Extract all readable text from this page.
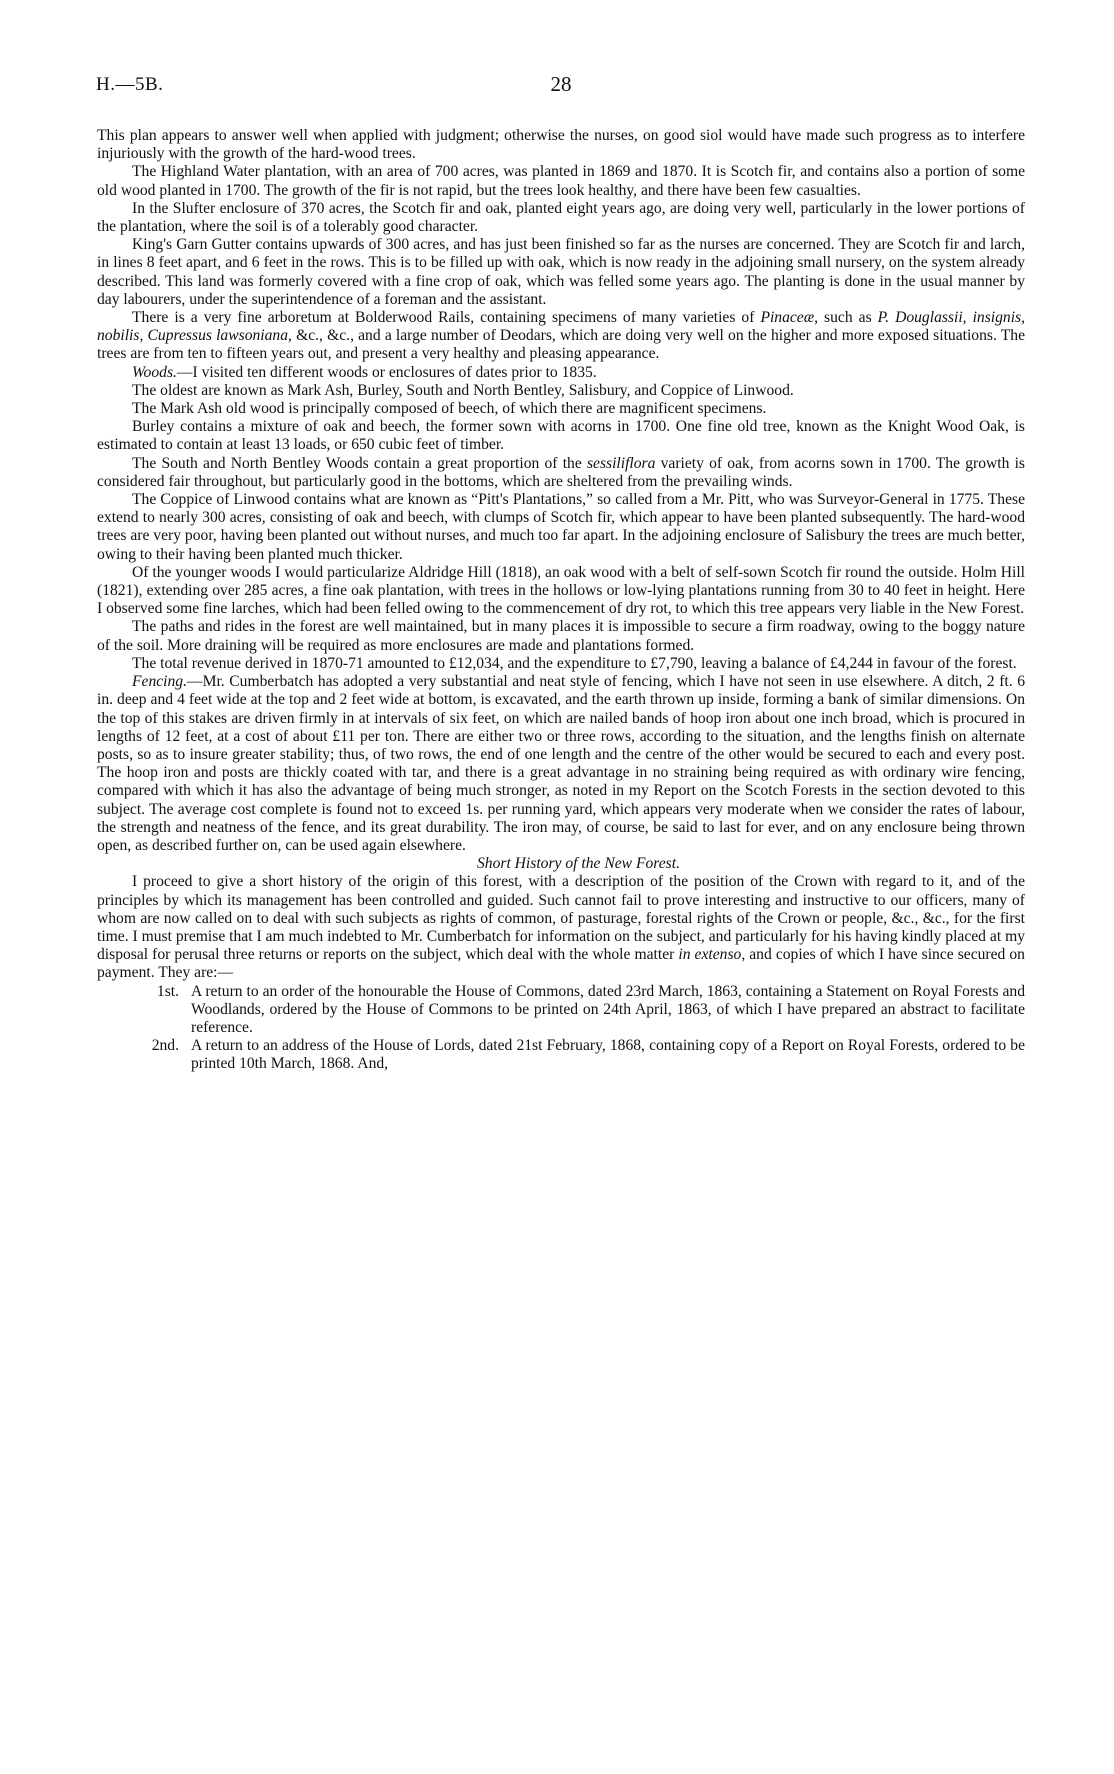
H.—5B.	28

This plan appears to answer well when applied with judgment; otherwise the nurses, on good siol would have made such progress as to interfere injuriously with the growth of the hard-wood trees.

The Highland Water plantation, with an area of 700 acres, was planted in 1869 and 1870. It is Scotch fir, and contains also a portion of some old wood planted in 1700. The growth of the fir is not rapid, but the trees look healthy, and there have been few casualties.

In the Slufter enclosure of 370 acres, the Scotch fir and oak, planted eight years ago, are doing very well, particularly in the lower portions of the plantation, where the soil is of a tolerably good character.

King's Garn Gutter contains upwards of 300 acres, and has just been finished so far as the nurses are concerned. They are Scotch fir and larch, in lines 8 feet apart, and 6 feet in the rows. This is to be filled up with oak, which is now ready in the adjoining small nursery, on the system already described. This land was formerly covered with a fine crop of oak, which was felled some years ago. The planting is done in the usual manner by day labourers, under the superintendence of a foreman and the assistant.

There is a very fine arboretum at Bolderwood Rails, containing specimens of many varieties of Pinaceæ, such as P. Douglassii, insignis, nobilis, Cupressus lawsoniana, &c., &c., and a large number of Deodars, which are doing very well on the higher and more exposed situations. The trees are from ten to fifteen years out, and present a very healthy and pleasing appearance.

Woods.—I visited ten different woods or enclosures of dates prior to 1835.

The oldest are known as Mark Ash, Burley, South and North Bentley, Salisbury, and Coppice of Linwood.

The Mark Ash old wood is principally composed of beech, of which there are magnificent specimens.

Burley contains a mixture of oak and beech, the former sown with acorns in 1700. One fine old tree, known as the Knight Wood Oak, is estimated to contain at least 13 loads, or 650 cubic feet of timber.

The South and North Bentley Woods contain a great proportion of the sessiliflora variety of oak, from acorns sown in 1700. The growth is considered fair throughout, but particularly good in the bottoms, which are sheltered from the prevailing winds.

The Coppice of Linwood contains what are known as “Pitt's Plantations,” so called from a Mr. Pitt, who was Surveyor-General in 1775. These extend to nearly 300 acres, consisting of oak and beech, with clumps of Scotch fir, which appear to have been planted subsequently. The hard-wood trees are very poor, having been planted out without nurses, and much too far apart. In the adjoining enclosure of Salisbury the trees are much better, owing to their having been planted much thicker.

Of the younger woods I would particularize Aldridge Hill (1818), an oak wood with a belt of self-sown Scotch fir round the outside. Holm Hill (1821), extending over 285 acres, a fine oak plantation, with trees in the hollows or low-lying plantations running from 30 to 40 feet in height. Here I observed some fine larches, which had been felled owing to the commencement of dry rot, to which this tree appears very liable in the New Forest.

The paths and rides in the forest are well maintained, but in many places it is impossible to secure a firm roadway, owing to the boggy nature of the soil. More draining will be required as more enclosures are made and plantations formed.

The total revenue derived in 1870-71 amounted to £12,034, and the expenditure to £7,790, leaving a balance of £4,244 in favour of the forest.

Fencing.—Mr. Cumberbatch has adopted a very substantial and neat style of fencing, which I have not seen in use elsewhere. A ditch, 2 ft. 6 in. deep and 4 feet wide at the top and 2 feet wide at bottom, is excavated, and the earth thrown up inside, forming a bank of similar dimensions. On the top of this stakes are driven firmly in at intervals of six feet, on which are nailed bands of hoop iron about one inch broad, which is procured in lengths of 12 feet, at a cost of about £11 per ton. There are either two or three rows, according to the situation, and the lengths finish on alternate posts, so as to insure greater stability; thus, of two rows, the end of one length and the centre of the other would be secured to each and every post. The hoop iron and posts are thickly coated with tar, and there is a great advantage in no straining being required as with ordinary wire fencing, compared with which it has also the advantage of being much stronger, as noted in my Report on the Scotch Forests in the section devoted to this subject. The average cost complete is found not to exceed 1s. per running yard, which appears very moderate when we consider the rates of labour, the strength and neatness of the fence, and its great durability. The iron may, of course, be said to last for ever, and on any enclosure being thrown open, as described further on, can be used again elsewhere.

Short History of the New Forest.

I proceed to give a short history of the origin of this forest, with a description of the position of the Crown with regard to it, and of the principles by which its management has been controlled and guided. Such cannot fail to prove interesting and instructive to our officers, many of whom are now called on to deal with such subjects as rights of common, of pasturage, forestal rights of the Crown or people, &c., &c., for the first time. I must premise that I am much indebted to Mr. Cumberbatch for information on the subject, and particularly for his having kindly placed at my disposal for perusal three returns or reports on the subject, which deal with the whole matter in extenso, and copies of which I have since secured on payment. They are:—

1st. A return to an order of the honourable the House of Commons, dated 23rd March, 1863, containing a Statement on Royal Forests and Woodlands, ordered by the House of Commons to be printed on 24th April, 1863, of which I have prepared an abstract to facilitate reference.

2nd. A return to an address of the House of Lords, dated 21st February, 1868, containing copy of a Report on Royal Forests, ordered to be printed 10th March, 1868. And,
